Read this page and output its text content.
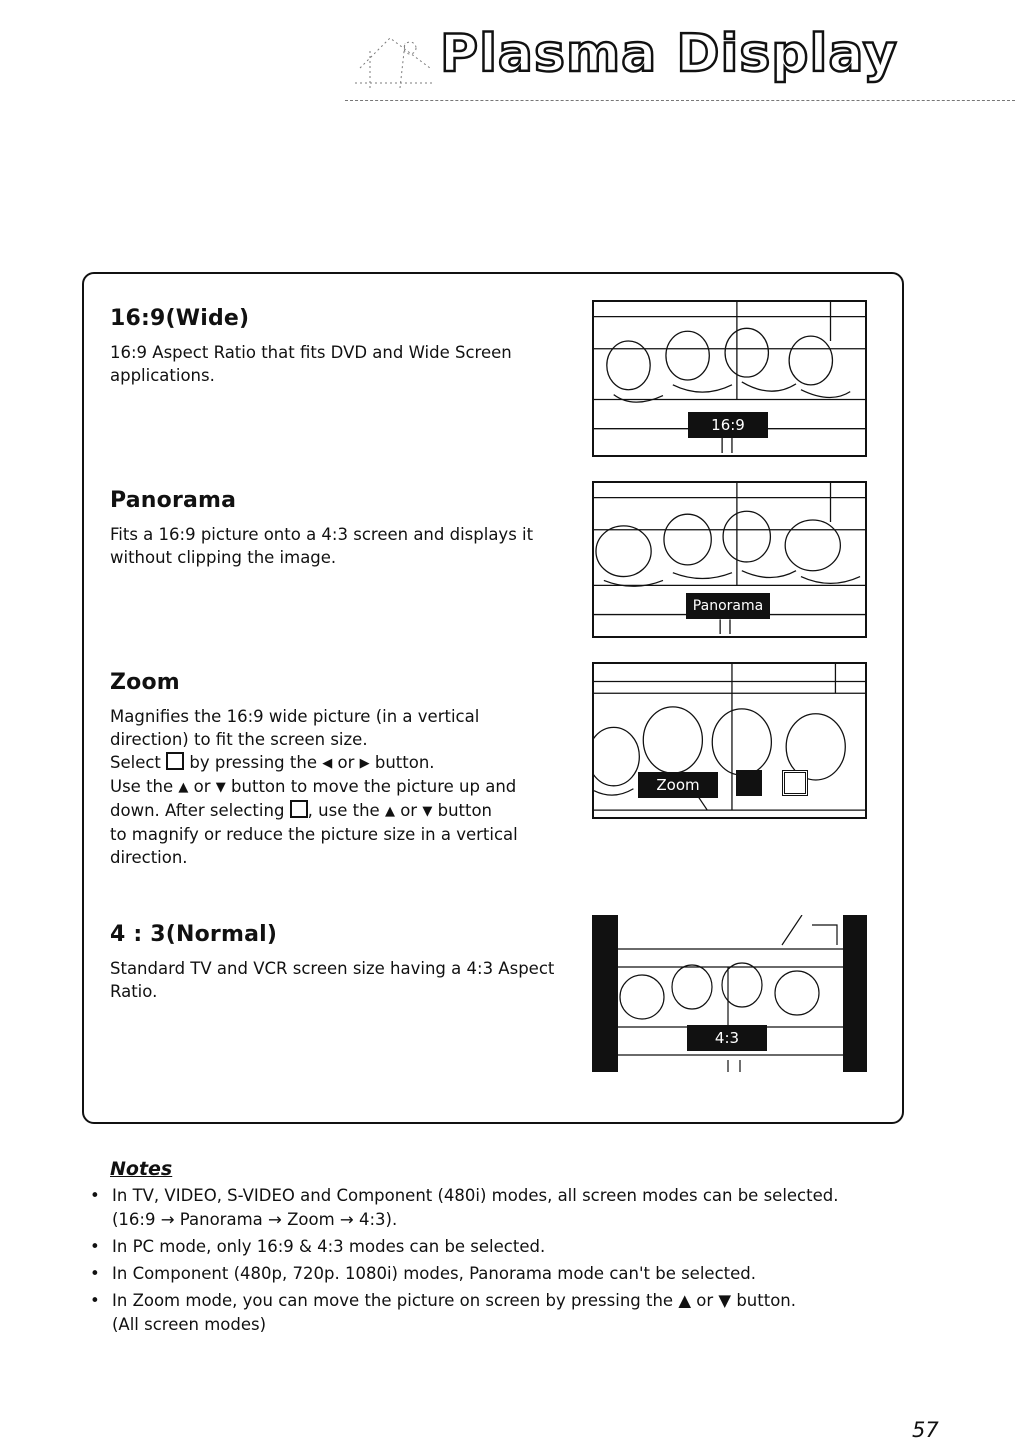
Plasma Display
16:9(Wide)

16:9 Aspect Ratio that fits DVD and Wide Screen
applications.

16:9
Panorama

Fits a 16:9 picture onto a 4:3 screen and displays it
without clipping the image.

Panorama
Zoom

Magnifies the 16:9 wide picture (in a vertical
direction) to fit the screen size.
Select by pressing the ◀ or ▶ button.
Use the ▲ or ▼ button to move the picture up and
down. After selecting , use the ▲ or ▼ button
to magnify or reduce the picture size in a vertical
direction.

Zoom
4 : 3(Normal)

Standard TV and VCR screen size having a 4:3 Aspect
Ratio.

4:3
Notes
• In TV, VIDEO, S-VIDEO and Component (480i) modes, all screen modes can be selected.
(16:9 → Panorama → Zoom → 4:3).
• In PC mode, only 16:9 & 4:3 modes can be selected.
• In Component (480p, 720p. 1080i) modes, Panorama mode can't be selected.
• In Zoom mode, you can move the picture on screen by pressing the ▲ or ▼ button.
(All screen modes)
57
